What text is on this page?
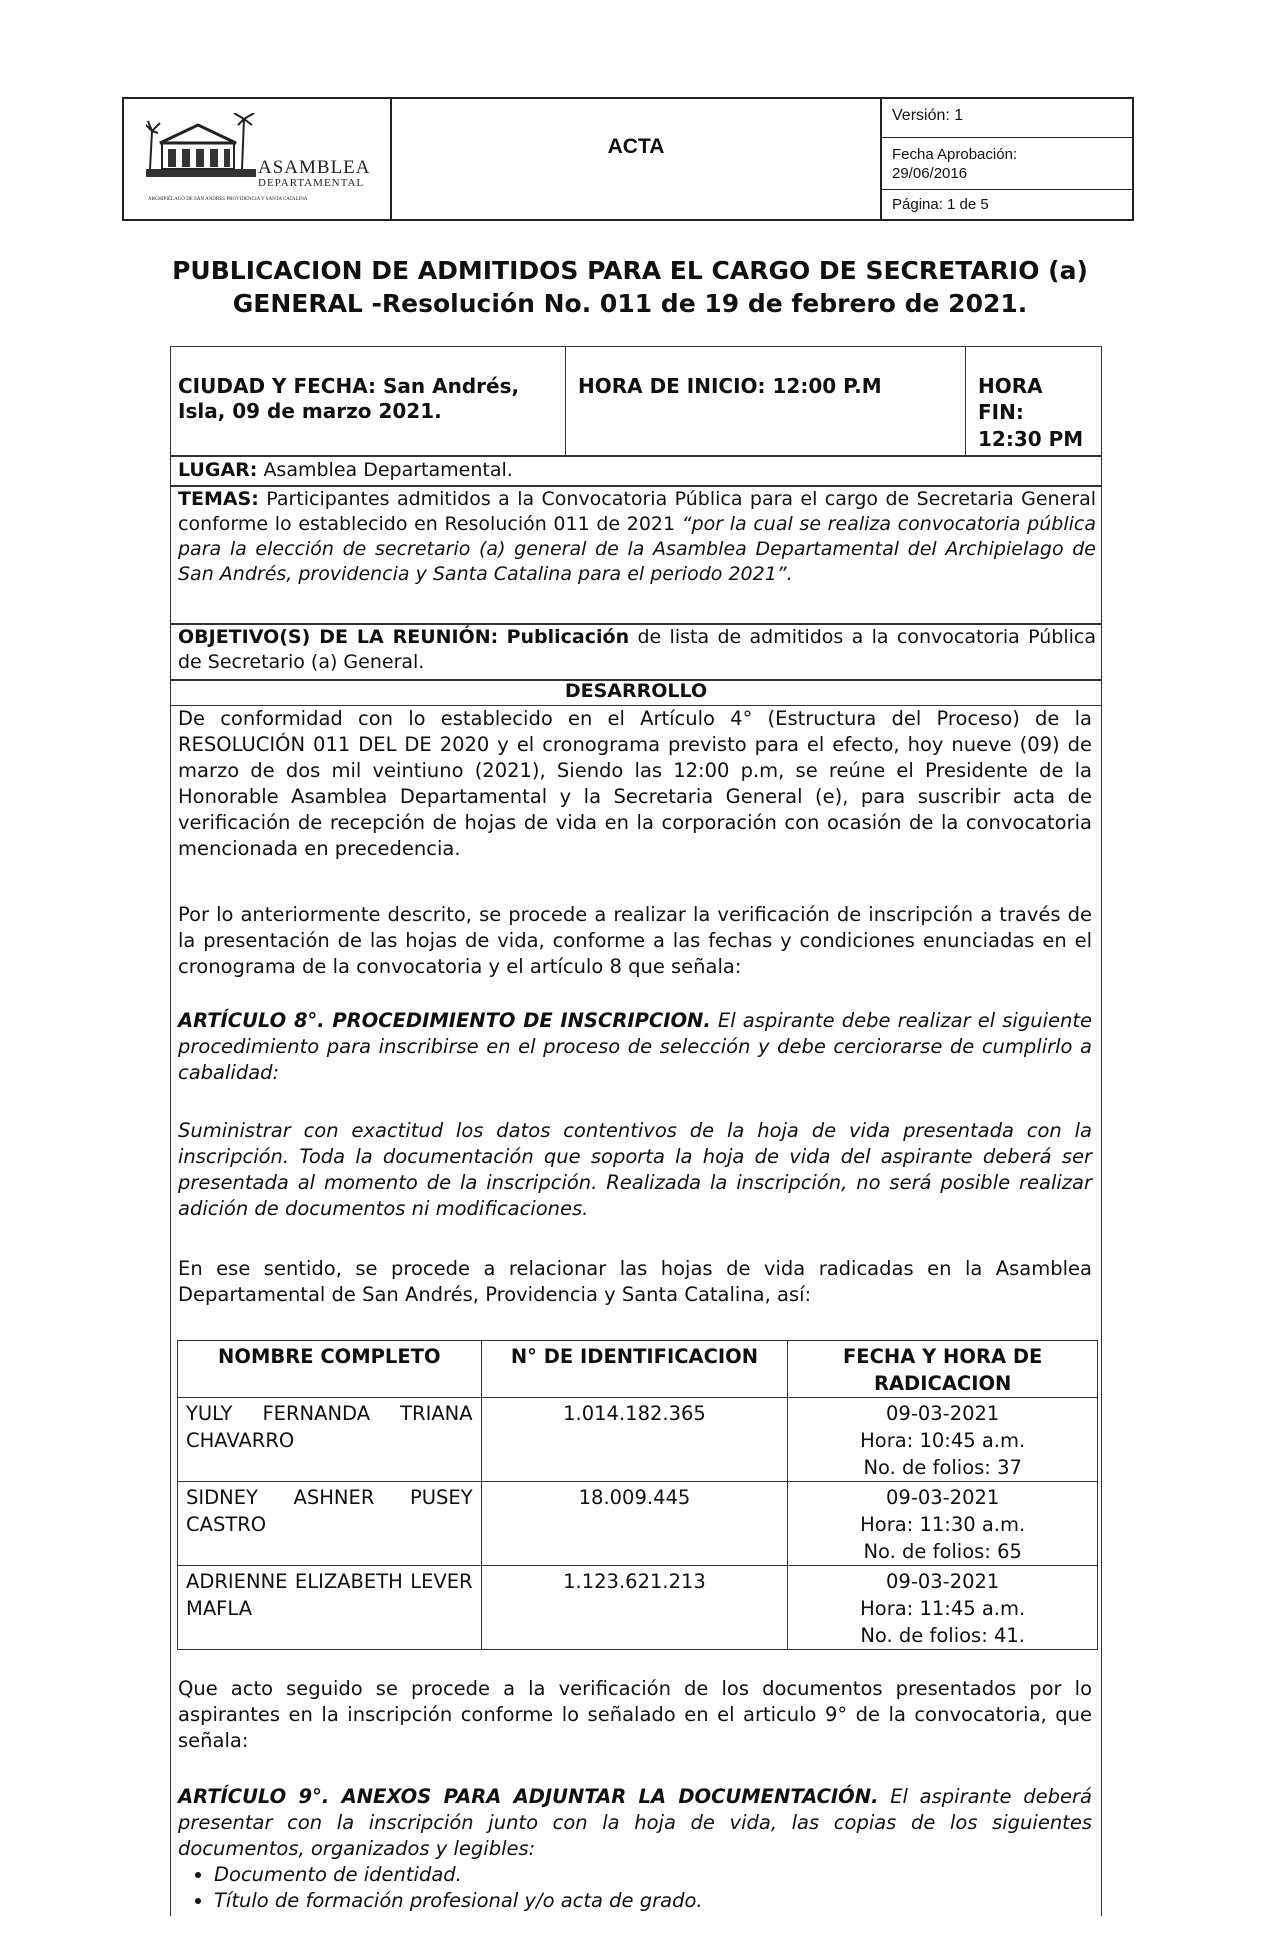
ASAMBLEA
DEPARTAMENTAL
ARCHIPIÉLAGO DE SAN ANDRÉS PROVIDENCIA Y SANTA CATALINA
ACTA
Versión: 1
Fecha Aprobación:
29/06/2016
Página: 1 de 5
PUBLICACION DE ADMITIDOS PARA EL CARGO DE SECRETARIO (a)
GENERAL -Resolución No. 011 de 19 de febrero de 2021.
CIUDAD Y FECHA: San Andrés, Isla, 09 de marzo 2021.
HORA DE INICIO: 12:00 P.M	HORA
FIN:
12:30 PM
LUGAR: Asamblea Departamental.
TEMAS: Participantes admitidos a la Convocatoria Pública para el cargo de Secretaria General conforme lo establecido en Resolución 011 de 2021 “por la cual se realiza convocatoria pública para la elección de secretario (a) general de la Asamblea Departamental del Archipielago de San Andrés, providencia y Santa Catalina para el periodo 2021”.
OBJETIVO(S) DE LA REUNIÓN: Publicación de lista de admitidos a la convocatoria Pública de Secretario (a) General.
DESARROLLO
De conformidad con lo establecido en el Artículo 4° (Estructura del Proceso) de la RESOLUCIÓN 011 DEL DE 2020 y el cronograma previsto para el efecto, hoy nueve (09) de marzo de dos mil veintiuno (2021), Siendo las 12:00 p.m, se reúne el Presidente de la Honorable Asamblea Departamental y la Secretaria General (e), para suscribir acta de verificación de recepción de hojas de vida en la corporación con ocasión de la convocatoria mencionada en precedencia.
Por lo anteriormente descrito, se procede a realizar la verificación de inscripción a través de la presentación de las hojas de vida, conforme a las fechas y condiciones enunciadas en el cronograma de la convocatoria y el artículo 8 que señala:
ARTÍCULO 8°. PROCEDIMIENTO DE INSCRIPCION. El aspirante debe realizar el siguiente procedimiento para inscribirse en el proceso de selección y debe cerciorarse de cumplirlo a cabalidad:
Suministrar con exactitud los datos contentivos de la hoja de vida presentada con la inscripción. Toda la documentación que soporta la hoja de vida del aspirante deberá ser presentada al momento de la inscripción. Realizada la inscripción, no será posible realizar adición de documentos ni modificaciones.
En ese sentido, se procede a relacionar las hojas de vida radicadas en la Asamblea Departamental de San Andrés, Providencia y Santa Catalina, así:
NOMBRE COMPLETO	N° DE IDENTIFICACION	FECHA Y HORA DE RADICACION
YULY FERNANDA TRIANA CHAVARRO	1.014.182.365	09-03-2021
Hora: 10:45 a.m.
No. de folios: 37

SIDNEY ASHNER PUSEY CASTRO	18.009.445	09-03-2021
Hora: 11:30 a.m.
No. de folios: 65

ADRIENNE ELIZABETH LEVER MAFLA	1.123.621.213	09-03-2021
Hora: 11:45 a.m.
No. de folios: 41.
Que acto seguido se procede a la verificación de los documentos presentados por lo aspirantes en la inscripción conforme lo señalado en el articulo 9° de la convocatoria, que señala:
ARTÍCULO 9°. ANEXOS PARA ADJUNTAR LA DOCUMENTACIÓN. El aspirante deberá presentar con la inscripción junto con la hoja de vida, las copias de los siguientes documentos, organizados y legibles:
• Documento de identidad.
• Título de formación profesional y/o acta de grado.
